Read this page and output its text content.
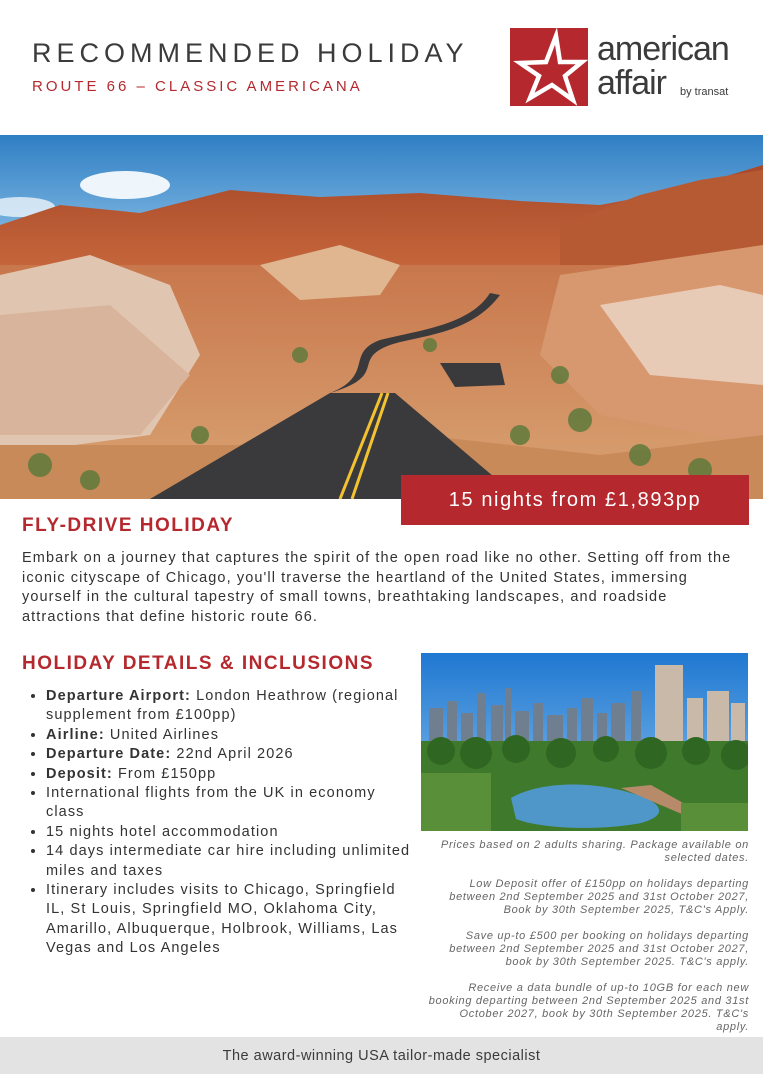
RECOMMENDED HOLIDAY
ROUTE 66 – CLASSIC AMERICANA
american
affair by transat
15 nights from £1,893pp
FLY-DRIVE HOLIDAY

Embark on a journey that captures the spirit of the open road like no other. Setting off from the iconic cityscape of Chicago, you'll traverse the heartland of the United States, immersing yourself in the cultural tapestry of small towns, breathtaking landscapes, and roadside attractions that define historic route 66.

HOLIDAY DETAILS & INCLUSIONS
• Departure Airport: London Heathrow (regional supplement from £100pp)
• Airline: United Airlines
• Departure Date: 22nd April 2026
• Deposit: From £150pp
• International flights from the UK in economy class
• 15 nights hotel accommodation
• 14 days intermediate car hire including unlimited miles and taxes
• Itinerary includes visits to Chicago, Springfield IL, St Louis, Springfield MO, Oklahoma City, Amarillo, Albuquerque, Holbrook, Williams, Las Vegas and Los Angeles

Prices based on 2 adults sharing. Package available on selected dates.

Low Deposit offer of £150pp on holidays departing between 2nd September 2025 and 31st October 2027, Book by 30th September 2025, T&C's Apply.

Save up-to £500 per booking on holidays departing between 2nd September 2025 and 31st October 2027, book by 30th September 2025. T&C's apply.

Receive a data bundle of up-to 10GB for each new booking departing between 2nd September 2025 and 31st October 2027, book by 30th September 2025. T&C's apply.

The award-winning USA tailor-made specialist
